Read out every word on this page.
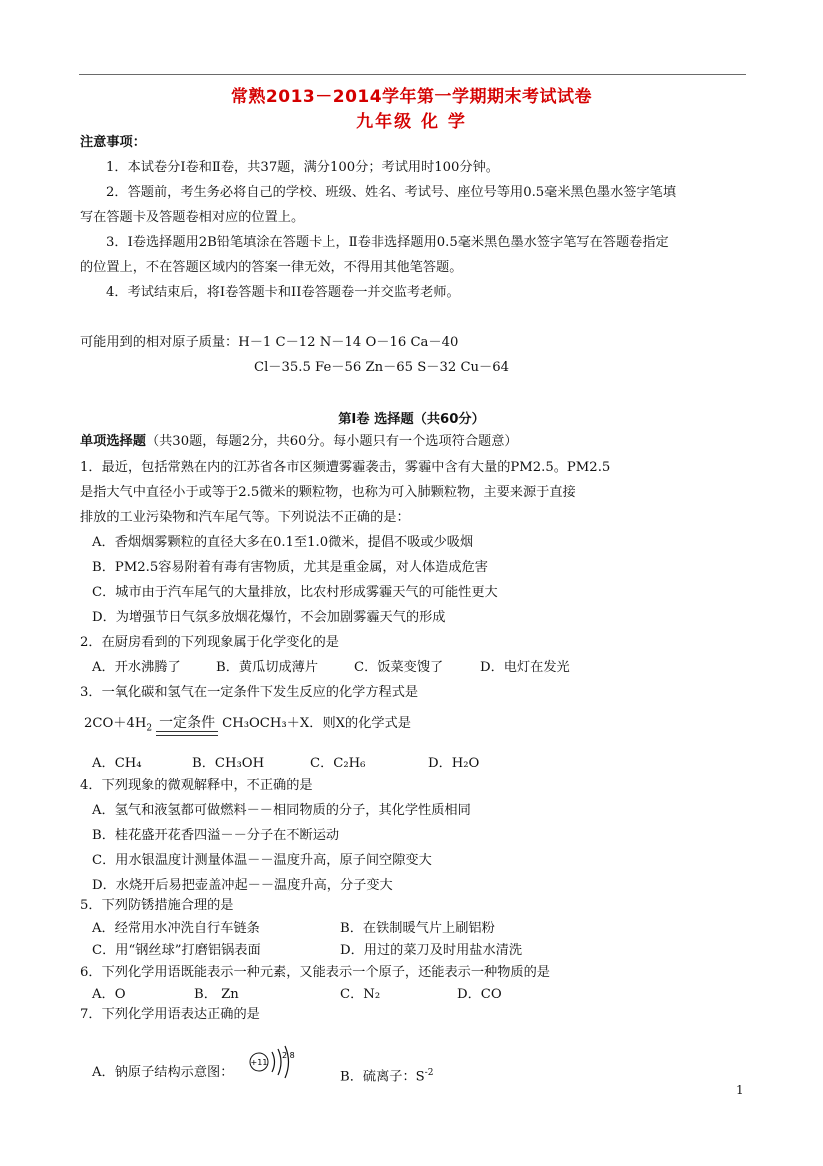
常熟2013－2014学年第一学期期末考试试卷
九年级 化 学
注意事项：
1．本试卷分Ⅰ卷和Ⅱ卷，共37题，满分100分；考试用时100分钟。
2．答题前，考生务必将自己的学校、班级、姓名、考试号、座位号等用0.5毫米黑色墨水签字笔填
写在答题卡及答题卷相对应的位置上。
3．Ⅰ卷选择题用2B铅笔填涂在答题卡上，Ⅱ卷非选择题用0.5毫米黑色墨水签字笔写在答题卷指定
的位置上，不在答题区域内的答案一律无效，不得用其他笔答题。
4．考试结束后，将Ⅰ卷答题卡和II卷答题卷一并交监考老师。
可能用到的相对原子质量：H－1 C－12 N－14 O－16 Ca－40
Cl－35.5 Fe－56 Zn－65 S－32 Cu－64
第Ⅰ卷 选择题（共60分）
单项选择题（共30题，每题2分，共60分。每小题只有一个选项符合题意）
1．最近，包括常熟在内的江苏省各市区频遭雾霾袭击，雾霾中含有大量的PM2.5。PM2.5
是指大气中直径小于或等于2.5微米的颗粒物，也称为可入肺颗粒物，主要来源于直接
排放的工业污染物和汽车尾气等。下列说法不正确的是：
A．香烟烟雾颗粒的直径大多在0.1至1.0微米，提倡不吸或少吸烟
B．PM2.5容易附着有毒有害物质，尤其是重金属，对人体造成危害
C．城市由于汽车尾气的大量排放，比农村形成雾霾天气的可能性更大
D．为增强节日气氛多放烟花爆竹，不会加剧雾霾天气的形成
2．在厨房看到的下列现象属于化学变化的是
A．开水沸腾了	B．黄瓜切成薄片	C．饭菜变馊了	D．电灯在发光
3．一氧化碳和氢气在一定条件下发生反应的化学方程式是
$2CO+4H_2$ 一定条件 CH₃OCH₃＋X．则X的化学式是
A．CH₄	B．CH₃OH	C．C₂H₆	D．H₂O
4．下列现象的微观解释中，不正确的是
A．氢气和液氢都可做燃料－－相同物质的分子，其化学性质相同
B．桂花盛开花香四溢－－分子在不断运动
C．用水银温度计测量体温－－温度升高，原子间空隙变大
D．水烧开后易把壶盖冲起－－温度升高，分子变大
5．下列防锈措施合理的是
A．经常用水冲洗自行车链条	B．在铁制暖气片上刷铝粉
C．用“钢丝球”打磨铝锅表面	D．用过的菜刀及时用盐水清洗
6．下列化学用语既能表示一种元素，又能表示一个原子，还能表示一种物质的是
A．O	B． Zn	C．N₂	D．CO
7．下列化学用语表达正确的是
A．钠原子结构示意图：
+11
2 8
B．硫离子：$S^{-2}$
1
